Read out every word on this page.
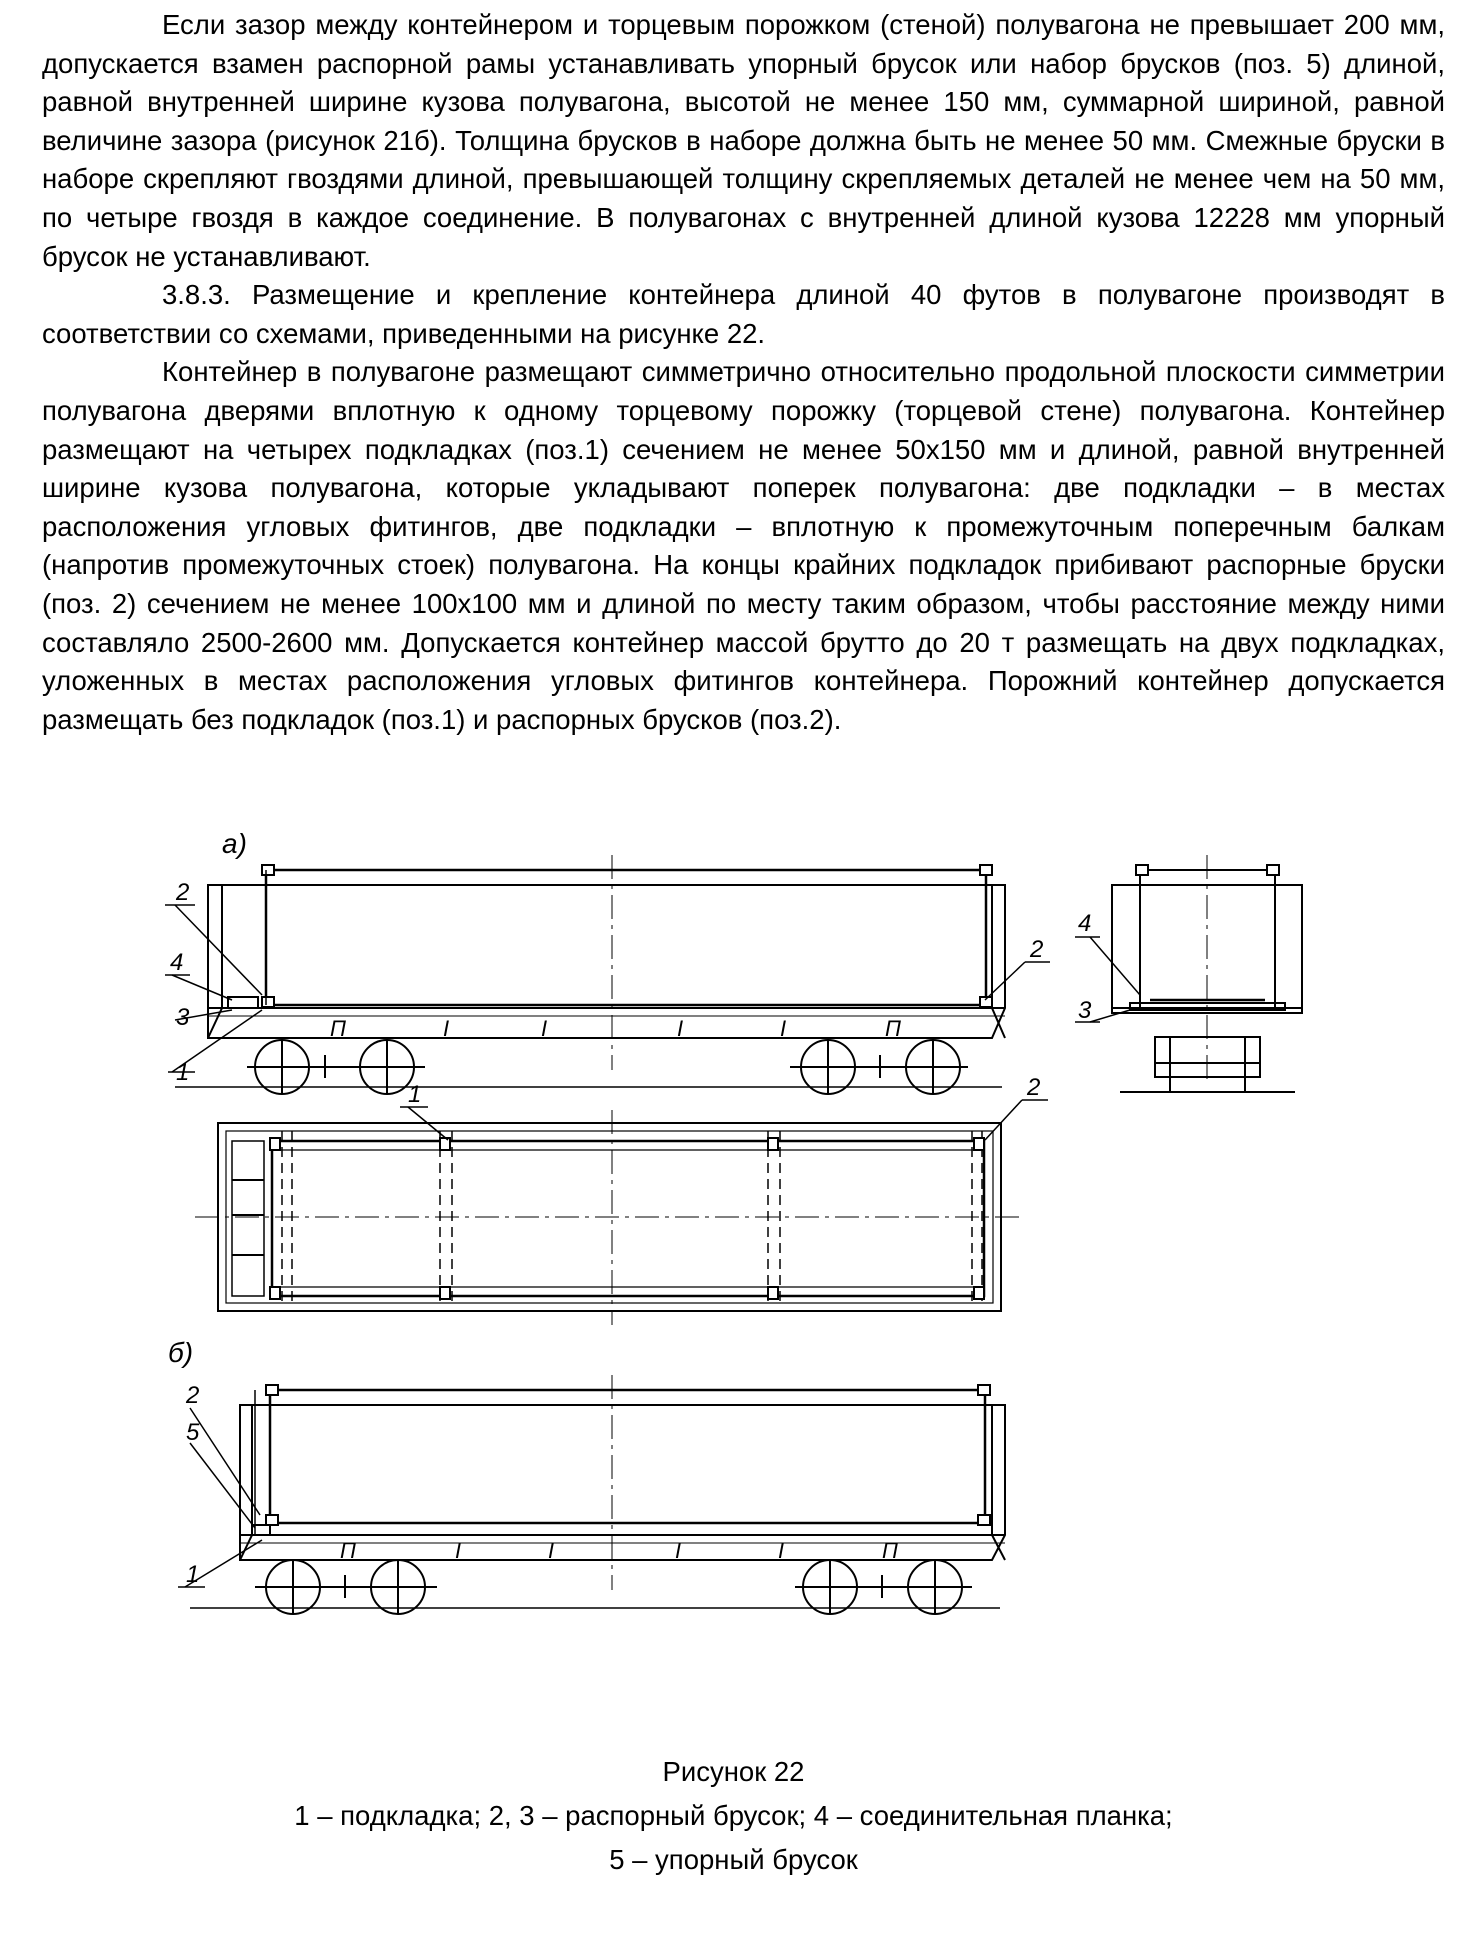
Если зазор между контейнером и торцевым порожком (стеной) полувагона не превышает 200 мм, допускается взамен распорной рамы устанавливать упорный брусок или набор брусков (поз. 5) длиной, равной внутренней ширине кузова полувагона, высотой не менее 150 мм, суммарной шириной, равной величине зазора (рисунок 21б). Толщина брусков в наборе должна быть не менее 50 мм. Смежные бруски в наборе скрепляют гвоздями длиной, превышающей толщину скрепляемых деталей не менее чем на 50 мм, по четыре гвоздя в каждое соединение. В полувагонах с внутренней длиной кузова 12228 мм упорный брусок не устанавливают.

3.8.3. Размещение и крепление контейнера длиной 40 футов в полувагоне производят в соответствии со схемами, приведенными на рисунке 22.

Контейнер в полувагоне размещают симметрично относительно продольной плоскости симметрии полувагона дверями вплотную к одному торцевому порожку (торцевой стене) полувагона. Контейнер размещают на четырех подкладках (поз.1) сечением не менее 50х150 мм и длиной, равной внутренней ширине кузова полувагона, которые укладывают поперек полувагона: две подкладки – в местах расположения угловых фитингов, две подкладки – вплотную к промежуточным поперечным балкам (напротив промежуточных стоек) полувагона. На концы крайних подкладок прибивают распорные бруски (поз. 2) сечением не менее 100х100 мм и длиной по месту таким образом, чтобы расстояние между ними составляло 2500-2600 мм. Допускается контейнер массой брутто до 20 т размещать на двух подкладках, уложенных в местах расположения угловых фитингов контейнера. Порожний контейнер допускается размещать без подкладок (поз.1) и распорных брусков (поз.2).

а)
П	I	I	I	I	П
2
4
3
1
2
4
3
1	2
б)
П	I	I	I	I	П
2
5
1
Рисунок 22
1 – подкладка; 2, 3 – распорный брусок; 4 – соединительная планка;
5 – упорный брусок
